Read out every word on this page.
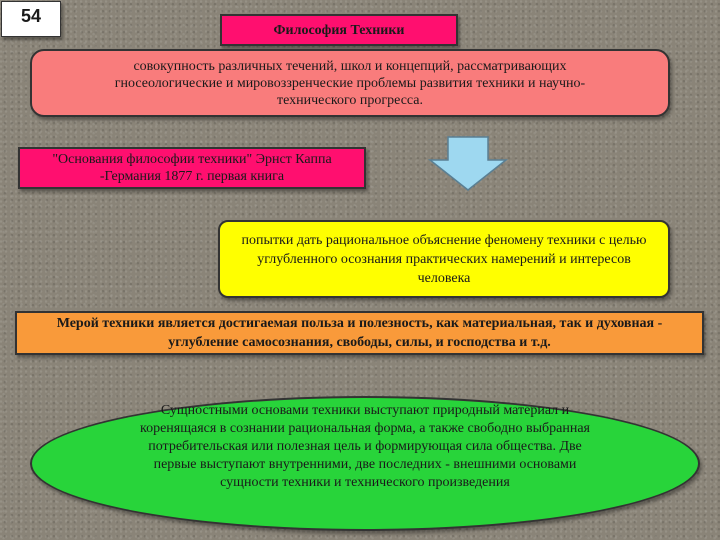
54
Философия Техники
совокупность различных течений, школ и концепций, рассматривающих гносеологические и мировоззренческие проблемы развития техники и научно-технического прогресса.
"Основания философии техники" Эрнст Каппа -Германия 1877 г. первая книга
попытки дать рациональное объяснение феномену техники с целью углубленного осознания практических намерений и интересов человека
Мерой техники является достигаемая польза и полезность, как материальная, так и духовная - углубление самосознания, свободы, силы, и господства и т.д.
Сущностными основами техники выступают природный материал и коренящаяся в сознании рациональная форма, а также свободно выбранная потребительская или полезная цель и формирующая сила общества. Две первые выступают внутренними, две последних - внешними основами сущности техники и технического произведения
